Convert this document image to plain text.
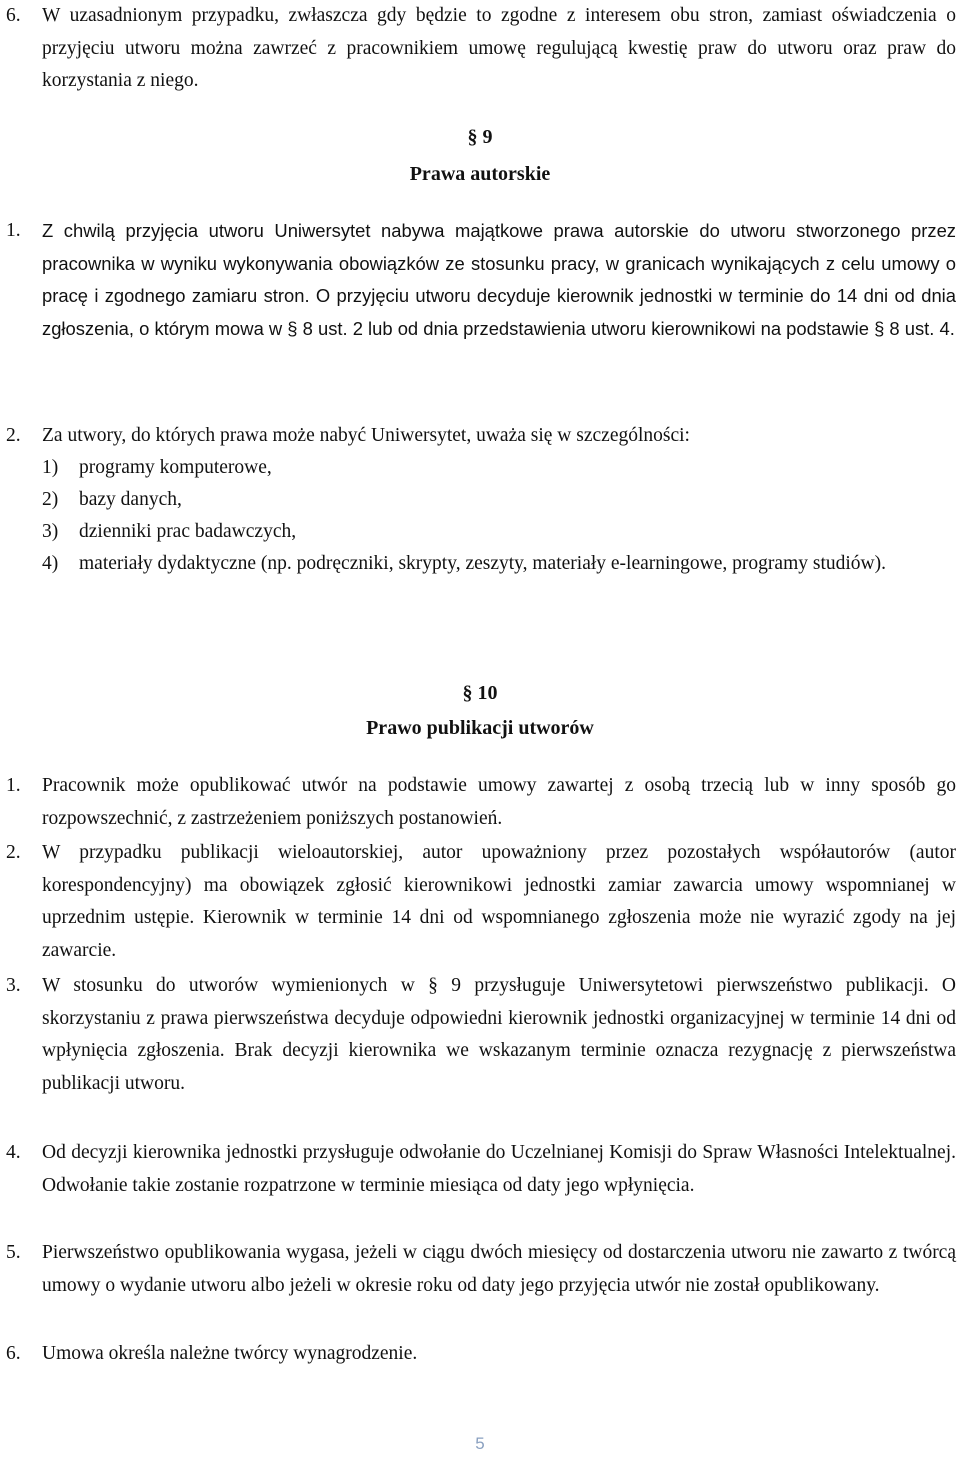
6. W uzasadnionym przypadku, zwłaszcza gdy będzie to zgodne z interesem obu stron, zamiast oświadczenia o przyjęciu utworu można zawrzeć z pracownikiem umowę regulującą kwestię praw do utworu oraz praw do korzystania z niego.
§ 9
Prawa autorskie
1. Z chwilą przyjęcia utworu Uniwersytet nabywa majątkowe prawa autorskie do utworu stworzonego przez pracownika w wyniku wykonywania obowiązków ze stosunku pracy, w granicach wynikających z celu umowy o pracę i zgodnego zamiaru stron. O przyjęciu utworu decyduje kierownik jednostki w terminie do 14 dni od dnia zgłoszenia, o którym mowa w § 8 ust. 2 lub od dnia przedstawienia utworu kierownikowi na podstawie § 8 ust. 4.
2. Za utwory, do których prawa może nabyć Uniwersytet, uważa się w szczególności:
1) programy komputerowe,
2) bazy danych,
3) dzienniki prac badawczych,
4) materiały dydaktyczne (np. podręczniki, skrypty, zeszyty, materiały e-learningowe, programy studiów).
§ 10
Prawo publikacji utworów
1. Pracownik może opublikować utwór na podstawie umowy zawartej z osobą trzecią lub w inny sposób go rozpowszechnić, z zastrzeżeniem poniższych postanowień.
2. W przypadku publikacji wieloautorskiej, autor upoważniony przez pozostałych współautorów (autor korespondencyjny) ma obowiązek zgłosić kierownikowi jednostki zamiar zawarcia umowy wspomnianej w uprzednim ustępie. Kierownik w terminie 14 dni od wspomnianego zgłoszenia może nie wyrazić zgody na jej zawarcie.
3. W stosunku do utworów wymienionych w § 9 przysługuje Uniwersytetowi pierwszeństwo publikacji. O skorzystaniu z prawa pierwszeństwa decyduje odpowiedni kierownik jednostki organizacyjnej w terminie 14 dni od wpłynięcia zgłoszenia. Brak decyzji kierownika we wskazanym terminie oznacza rezygnację z pierwszeństwa publikacji utworu.
4. Od decyzji kierownika jednostki przysługuje odwołanie do Uczelnianej Komisji do Spraw Własności Intelektualnej. Odwołanie takie zostanie rozpatrzone w terminie miesiąca od daty jego wpłynięcia.
5. Pierwszeństwo opublikowania wygasa, jeżeli w ciągu dwóch miesięcy od dostarczenia utworu nie zawarto z twórcą umowy o wydanie utworu albo jeżeli w okresie roku od daty jego przyjęcia utwór nie został opublikowany.
6. Umowa określa należne twórcy wynagrodzenie.
5
